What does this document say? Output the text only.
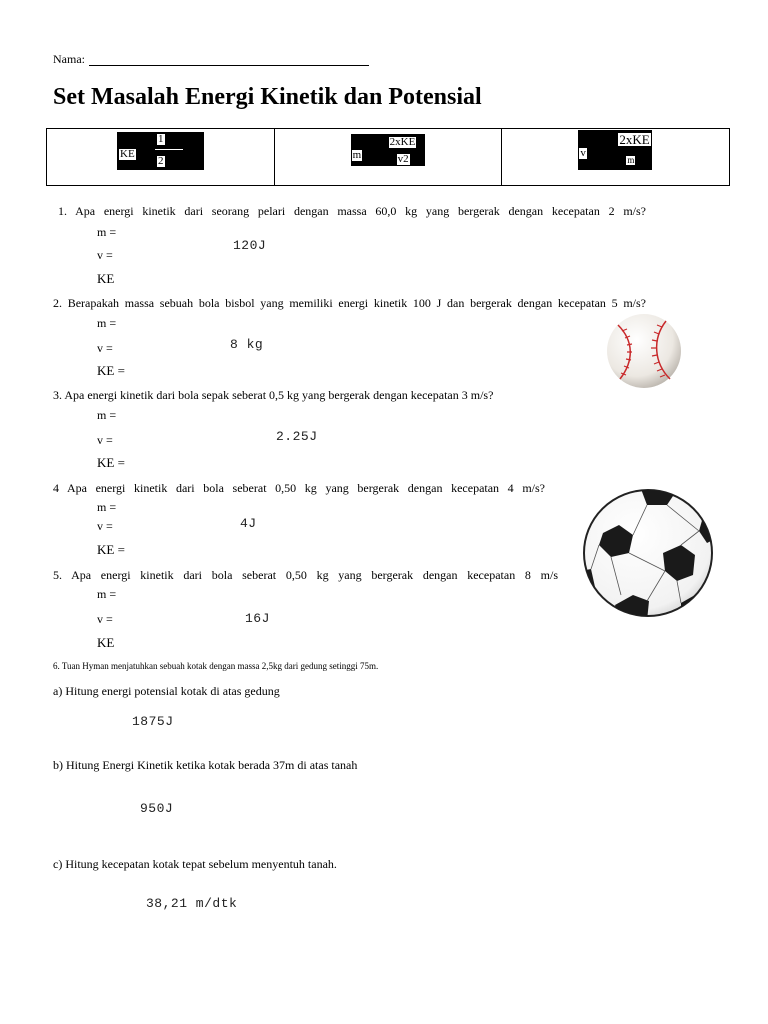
Nama:
Set Masalah Energi Kinetik dan Potensial
KE
1
2	m
2xKE
v2	v
2xKE
m
1. Apa energi kinetik dari seorang pelari dengan massa 60,0 kg yang bergerak dengan kecepatan 2 m/s?
m =
120J
v =
KE
2. Berapakah massa sebuah bola bisbol yang memiliki energi kinetik 100 J dan bergerak dengan kecepatan 5 m/s?
m =
8 kg
v =
KE =
3. Apa energi kinetik dari bola sepak seberat 0,5 kg yang bergerak dengan kecepatan 3 m/s?
m =
2.25J
v =
KE =
4 Apa energi kinetik dari bola seberat 0,50 kg yang bergerak dengan kecepatan 4 m/s?
m =
4J
v =
KE =
5. Apa energi kinetik dari bola seberat 0,50 kg yang bergerak dengan kecepatan 8 m/s
m =
16J
v =
KE
6. Tuan Hyman menjatuhkan sebuah kotak dengan massa 2,5kg dari gedung setinggi 75m.
a) Hitung energi potensial kotak di atas gedung
1875J
b) Hitung Energi Kinetik ketika kotak berada 37m di atas tanah
950J
c) Hitung kecepatan kotak tepat sebelum menyentuh tanah.
38,21 m/dtk
